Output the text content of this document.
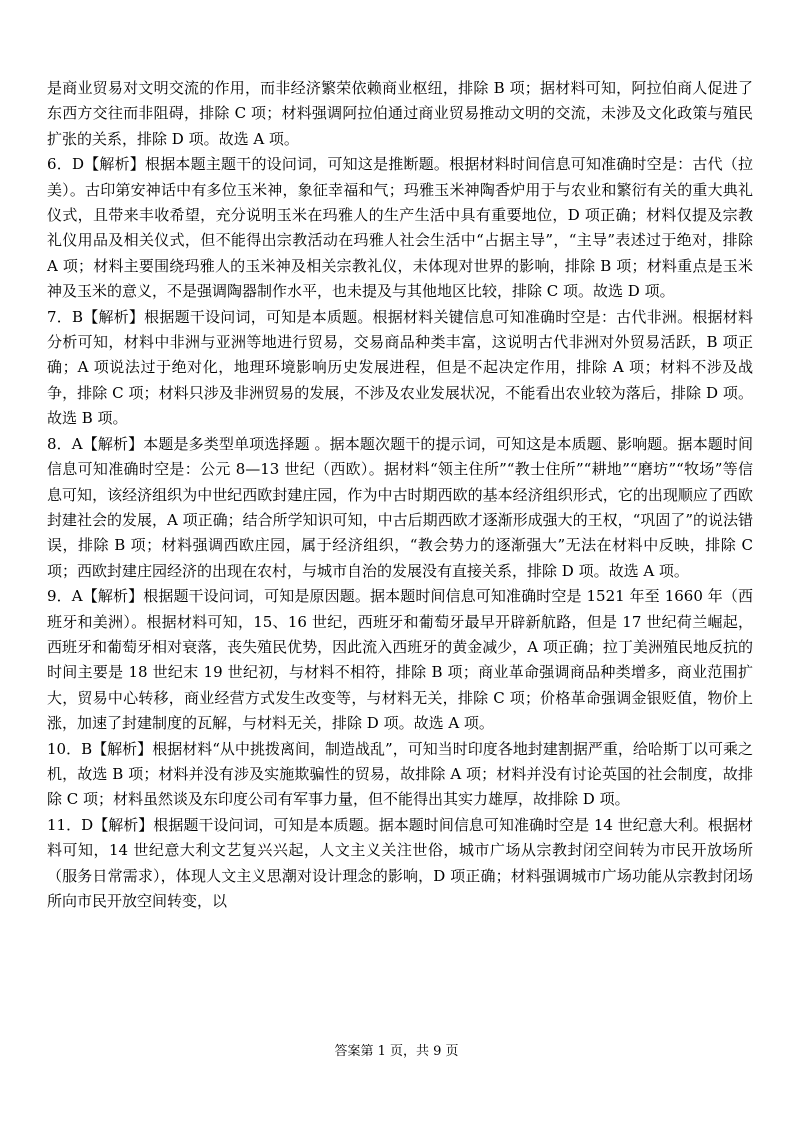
是商业贸易对文明交流的作用，而非经济繁荣依赖商业枢纽，排除 B 项；据材料可知，阿拉伯商人促进了东西方交往而非阻碍，排除 C 项；材料强调阿拉伯通过商业贸易推动文明的交流，未涉及文化政策与殖民扩张的关系，排除 D 项。故选 A 项。

6．D【解析】根据本题主题干的设问词，可知这是推断题。根据材料时间信息可知准确时空是：古代（拉美）。古印第安神话中有多位玉米神，象征幸福和气；玛雅玉米神陶香炉用于与农业和繁衍有关的重大典礼仪式，且带来丰收希望，充分说明玉米在玛雅人的生产生活中具有重要地位，D 项正确；材料仅提及宗教礼仪用品及相关仪式，但不能得出宗教活动在玛雅人社会生活中“占据主导”，“主导”表述过于绝对，排除 A 项；材料主要围绕玛雅人的玉米神及相关宗教礼仪，未体现对世界的影响，排除 B 项；材料重点是玉米神及玉米的意义，不是强调陶器制作水平，也未提及与其他地区比较，排除 C 项。故选 D 项。

7．B【解析】根据题干设问词，可知是本质题。根据材料关键信息可知准确时空是：古代非洲。根据材料分析可知，材料中非洲与亚洲等地进行贸易，交易商品种类丰富，这说明古代非洲对外贸易活跃，B 项正确；A 项说法过于绝对化，地理环境影响历史发展进程，但是不起决定作用，排除 A 项；材料不涉及战争，排除 C 项；材料只涉及非洲贸易的发展，不涉及农业发展状况，不能看出农业较为落后，排除 D 项。故选 B 项。

8．A【解析】本题是多类型单项选择题 。据本题次题干的提示词，可知这是本质题、影响题。据本题时间信息可知准确时空是：公元 8—13 世纪（西欧）。据材料“领主住所”“教士住所”“耕地”“磨坊”“牧场”等信息可知，该经济组织为中世纪西欧封建庄园，作为中古时期西欧的基本经济组织形式，它的出现顺应了西欧封建社会的发展，A 项正确；结合所学知识可知，中古后期西欧才逐渐形成强大的王权，“巩固了”的说法错误，排除 B 项；材料强调西欧庄园，属于经济组织，“教会势力的逐渐强大”无法在材料中反映，排除 C 项；西欧封建庄园经济的出现在农村，与城市自治的发展没有直接关系，排除 D 项。故选 A 项。

9．A【解析】根据题干设问词，可知是原因题。据本题时间信息可知准确时空是 1521 年至 1660 年（西班牙和美洲）。根据材料可知，15、16 世纪，西班牙和葡萄牙最早开辟新航路，但是 17 世纪荷兰崛起，西班牙和葡萄牙相对衰落，丧失殖民优势，因此流入西班牙的黄金减少，A 项正确；拉丁美洲殖民地反抗的时间主要是 18 世纪末 19 世纪初，与材料不相符，排除 B 项；商业革命强调商品种类增多，商业范围扩大，贸易中心转移，商业经营方式发生改变等，与材料无关，排除 C 项；价格革命强调金银贬值，物价上涨，加速了封建制度的瓦解，与材料无关，排除 D 项。故选 A 项。

10．B【解析】根据材料“从中挑拨离间，制造战乱”，可知当时印度各地封建割据严重，给哈斯丁以可乘之机，故选 B 项；材料并没有涉及实施欺骗性的贸易，故排除 A 项；材料并没有讨论英国的社会制度，故排除 C 项；材料虽然谈及东印度公司有军事力量，但不能得出其实力雄厚，故排除 D 项。

11．D【解析】根据题干设问词，可知是本质题。据本题时间信息可知准确时空是 14 世纪意大利。根据材料可知，14 世纪意大利文艺复兴兴起，人文主义关注世俗，城市广场从宗教封闭空间转为市民开放场所（服务日常需求），体现人文主义思潮对设计理念的影响，D 项正确；材料强调城市广场功能从宗教封闭场所向市民开放空间转变，以

答案第 1 页，共 9 页
